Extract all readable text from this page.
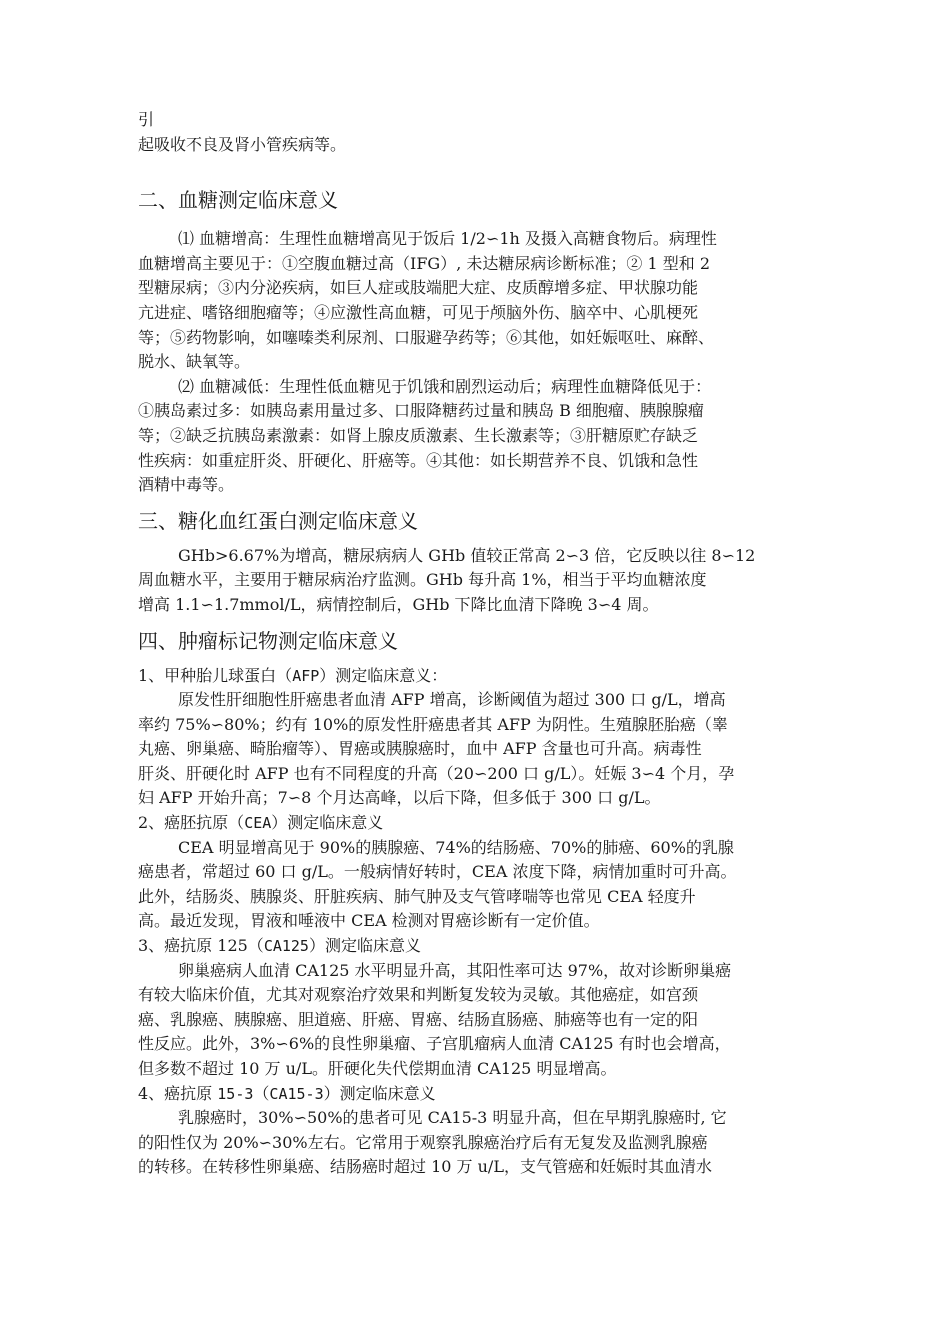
引
起吸收不良及肾小管疾病等。
二、血糖测定临床意义
⑴ 血糖增高：生理性血糖增高见于饭后 1/2∽1h 及摄入高糖食物后。病理性
血糖增高主要见于：①空腹血糖过高（IFG）, 未达糖尿病诊断标准；② 1 型和 2
型糖尿病；③内分泌疾病，如巨人症或肢端肥大症、皮质醇增多症、甲状腺功能
亢进症、嗜铬细胞瘤等；④应激性高血糖，可见于颅脑外伤、脑卒中、心肌梗死
等；⑤药物影响，如噻嗪类利尿剂、口服避孕药等；⑥其他，如妊娠呕吐、麻醉、
脱水、缺氧等。
⑵ 血糖减低：生理性低血糖见于饥饿和剧烈运动后；病理性血糖降低见于：
①胰岛素过多：如胰岛素用量过多、口服降糖药过量和胰岛 B 细胞瘤、胰腺腺瘤
等；②缺乏抗胰岛素激素：如肾上腺皮质激素、生长激素等；③肝糖原贮存缺乏
性疾病：如重症肝炎、肝硬化、肝癌等。④其他：如长期营养不良、饥饿和急性
酒精中毒等。
三、糖化血红蛋白测定临床意义
GHb>6.67%为增高，糖尿病病人 GHb 值较正常高 2∽3 倍，它反映以往 8∽12
周血糖水平，主要用于糖尿病治疗监测。GHb 每升高 1%，相当于平均血糖浓度
增高 1.1∽1.7mmol/L，病情控制后，GHb 下降比血清下降晚 3∽4 周。
四、肿瘤标记物测定临床意义
1、甲种胎儿球蛋白（AFP）测定临床意义：
原发性肝细胞性肝癌患者血清 AFP 增高，诊断阈值为超过 300 口 g/L，增高
率约 75%∽80%；约有 10%的原发性肝癌患者其 AFP 为阴性。生殖腺胚胎癌（睾
丸癌、卵巢癌、畸胎瘤等）、胃癌或胰腺癌时，血中 AFP 含量也可升高。病毒性
肝炎、肝硬化时 AFP 也有不同程度的升高（20∽200 口 g/L）。妊娠 3∽4 个月，孕
妇 AFP 开始升高；7∽8 个月达高峰，以后下降，但多低于 300 口 g/L。
2、癌胚抗原（CEA）测定临床意义
CEA 明显增高见于 90%的胰腺癌、74%的结肠癌、70%的肺癌、60%的乳腺
癌患者，常超过 60 口 g/L。一般病情好转时，CEA 浓度下降，病情加重时可升高。
此外，结肠炎、胰腺炎、肝脏疾病、肺气肿及支气管哮喘等也常见 CEA 轻度升
高。最近发现，胃液和唾液中 CEA 检测对胃癌诊断有一定价值。
3、癌抗原 125（CA125）测定临床意义
卵巢癌病人血清 CA125 水平明显升高，其阳性率可达 97%，故对诊断卵巢癌
有较大临床价值，尤其对观察治疗效果和判断复发较为灵敏。其他癌症，如宫颈
癌、乳腺癌、胰腺癌、胆道癌、肝癌、胃癌、结肠直肠癌、肺癌等也有一定的阳
性反应。此外，3%∽6%的良性卵巢瘤、子宫肌瘤病人血清 CA125 有时也会增高，
但多数不超过 10 万 u/L。肝硬化失代偿期血清 CA125 明显增高。
4、癌抗原 15-3（CA15-3）测定临床意义
乳腺癌时，30%∽50%的患者可见 CA15-3 明显升高，但在早期乳腺癌时, 它
的阳性仅为 20%∽30%左右。它常用于观察乳腺癌治疗后有无复发及监测乳腺癌
的转移。在转移性卵巢癌、结肠癌时超过 10 万 u/L，支气管癌和妊娠时其血清水
